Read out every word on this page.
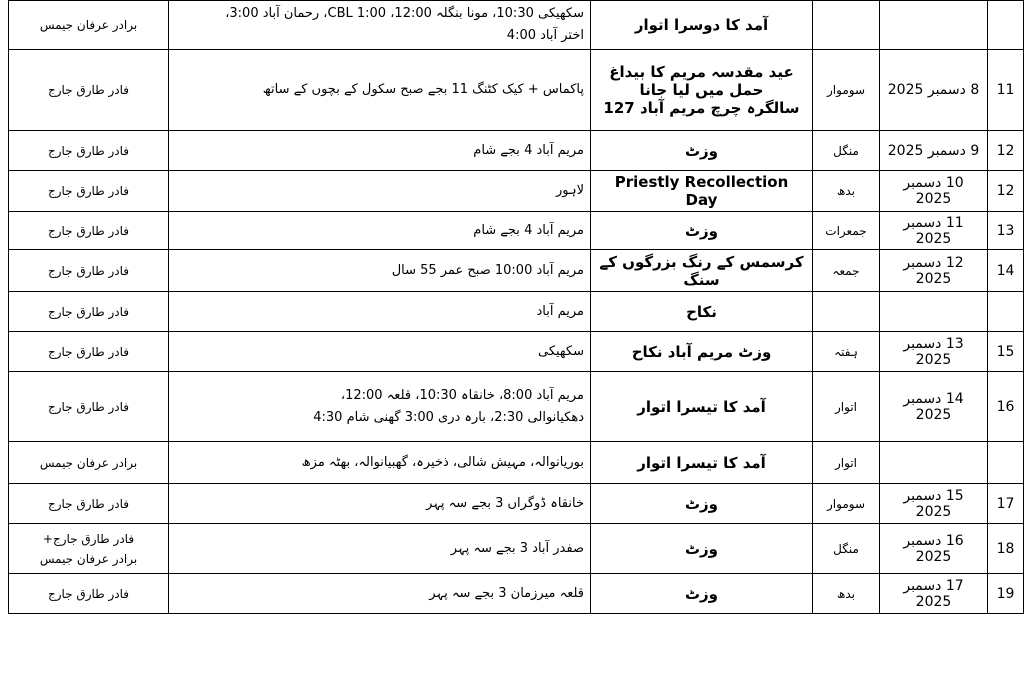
			آمد کا دوسرا اتوار	سکھیکی 10:30، مونا بنگلہ 12:00، CBL 1:00، رحمان آباد 3:00،
اختر آباد 4:00	برادر عرفان جیمس

11	8 دسمبر 2025	سوموار	عید مقدسہ مریم کا بیداغ حمل میں لیا جانا
سالگرہ چرچ مریم آباد 127	پاکماس + کیک کٹنگ 11 بجے صبح سکول کے بچوں کے ساتھ	فادر طارق جارج

12	9 دسمبر 2025	منگل	وزٹ	مریم آباد 4 بجے شام	فادر طارق جارج

12	10 دسمبر 2025	بدھ	Priestly Recollection Day	لاہور	فادر طارق جارج

13	11 دسمبر 2025	جمعرات	وزٹ	مریم آباد 4 بجے شام	فادر طارق جارج

14	12 دسمبر 2025	جمعہ	کرسمس کے رنگ بزرگوں کے سنگ	مریم آباد 10:00 صبح عمر 55 سال	فادر طارق جارج

			نکاح	مریم آباد	فادر طارق جارج

15	13 دسمبر 2025	ہفتہ	وزٹ مریم آباد نکاح	سکھیکی	فادر طارق جارج

16	14 دسمبر 2025	اتوار	آمد کا تیسرا اتوار	مریم آباد 8:00، خانقاہ 10:30، قلعہ 12:00،
دھکیانوالی 2:30، بارہ دری 3:00 گھنی شام 4:30	فادر طارق جارج

		اتوار	آمد کا تیسرا اتوار	بوریانوالہ، مہیش شالی، ذخیرہ، گھبیانوالہ، بھٹہ مزھ	برادر عرفان جیمس

17	15 دسمبر 2025	سوموار	وزٹ	خانقاہ ڈوگراں 3 بجے سہ پہر	فادر طارق جارج

18	16 دسمبر 2025	منگل	وزٹ	صفدر آباد 3 بجے سہ پہر	فادر طارق جارج+
برادر عرفان جیمس

19	17 دسمبر 2025	بدھ	وزٹ	قلعہ میرزمان 3 بجے سہ پہر	فادر طارق جارج
